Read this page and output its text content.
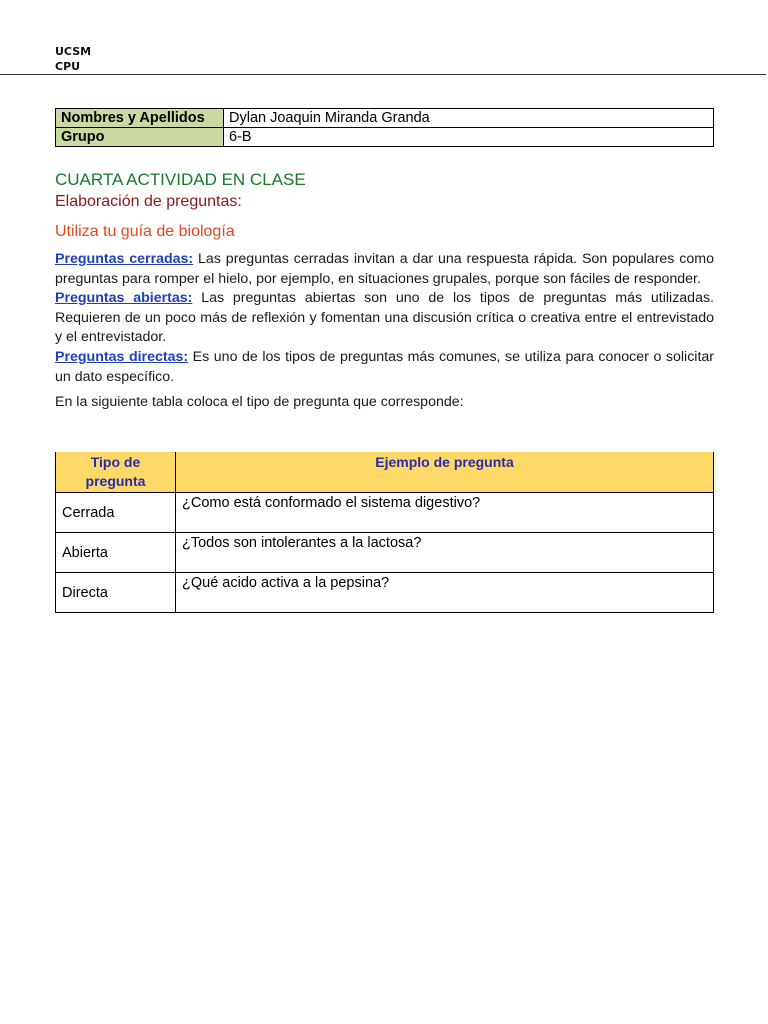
UCSM
CPU
Nombres y Apellidos	Dylan Joaquin Miranda Granda
Grupo	6-B
CUARTA ACTIVIDAD EN CLASE
Elaboración de preguntas:
Utiliza tu guía de biología

Preguntas cerradas: Las preguntas cerradas invitan a dar una respuesta rápida. Son populares como preguntas para romper el hielo, por ejemplo, en situaciones grupales, porque son fáciles de responder.

Preguntas abiertas: Las preguntas abiertas son uno de los tipos de preguntas más utilizadas. Requieren de un poco más de reflexión y fomentan una discusión crítica o creativa entre el entrevistado y el entrevistador.

Preguntas directas: Es uno de los tipos de preguntas más comunes, se utiliza para conocer o solicitar un dato específico.

En la siguiente tabla coloca el tipo de pregunta que corresponde:

Tipo de pregunta	Ejemplo de pregunta
Cerrada	¿Como está conformado el sistema digestivo?
Abierta	¿Todos son intolerantes a la lactosa?
Directa	¿Qué acido activa a la pepsina?
